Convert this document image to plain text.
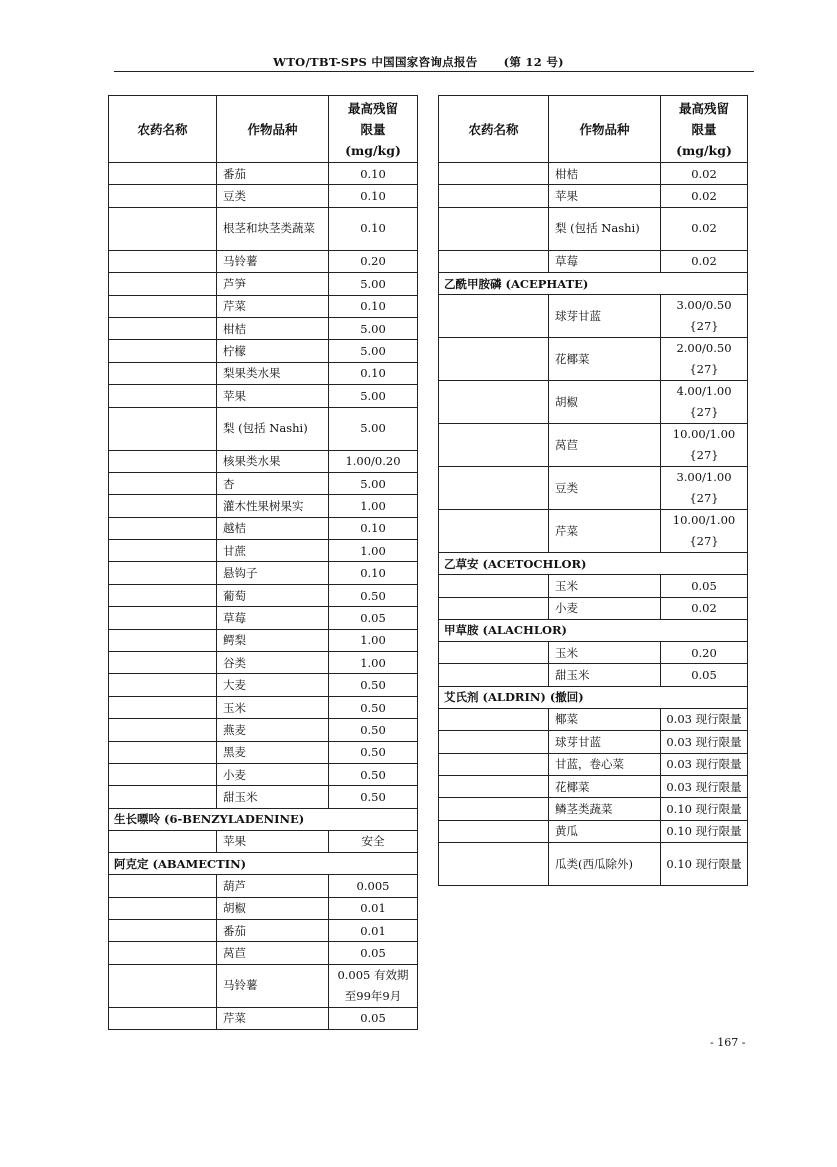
WTO/TBT-SPS 中国国家咨询点报告 (第 12 号)
农药名称	作物品种	最高残留
限量
(mg/kg)

	番茄	0.10

	豆类	0.10

	根茎和块茎类蔬菜	0.10

	马铃薯	0.20

	芦笋	5.00

	芹菜	0.10

	柑桔	5.00

	柠檬	5.00

	梨果类水果	0.10

	苹果	5.00

	梨 (包括 Nashi)	5.00

	核果类水果	1.00/0.20

	杏	5.00

	灌木性果树果实	1.00

	越桔	0.10

	甘蔗	1.00

	悬钩子	0.10

	葡萄	0.50

	草莓	0.05

	鳄梨	1.00

	谷类	1.00

	大麦	0.50

	玉米	0.50

	燕麦	0.50

	黑麦	0.50

	小麦	0.50

	甜玉米	0.50

生长嘌呤 (6-BENZYLADENINE)		
	苹果	安全

阿克定 (ABAMECTIN)		
	葫芦	0.005

	胡椒	0.01

	番茄	0.01

	莴苣	0.05

	马铃薯	0.005 有效期至99年9月

	芹菜	0.05
农药名称	作物品种	最高残留
限量
(mg/kg)

	柑桔	0.02

	苹果	0.02

	梨 (包括 Nashi)	0.02

	草莓	0.02

乙酰甲胺磷 (ACEPHATE)		
	球芽甘蓝	3.00/0.50
{27}

	花椰菜	2.00/0.50
{27}

	胡椒	4.00/1.00
{27}

	莴苣	10.00/1.00
{27}

	豆类	3.00/1.00
{27}

	芹菜	10.00/1.00
{27}

乙草安 (ACETOCHLOR)		
	玉米	0.05

	小麦	0.02

甲草胺 (ALACHLOR)		
	玉米	0.20

	甜玉米	0.05

艾氏剂 (ALDRIN) (撤回)		
	椰菜	0.03 现行限量

	球芽甘蓝	0.03 现行限量

	甘蓝，卷心菜	0.03 现行限量

	花椰菜	0.03 现行限量

	鳞茎类蔬菜	0.10 现行限量

	黄瓜	0.10 现行限量

	瓜类(西瓜除外)	0.10 现行限量
- 167 -
